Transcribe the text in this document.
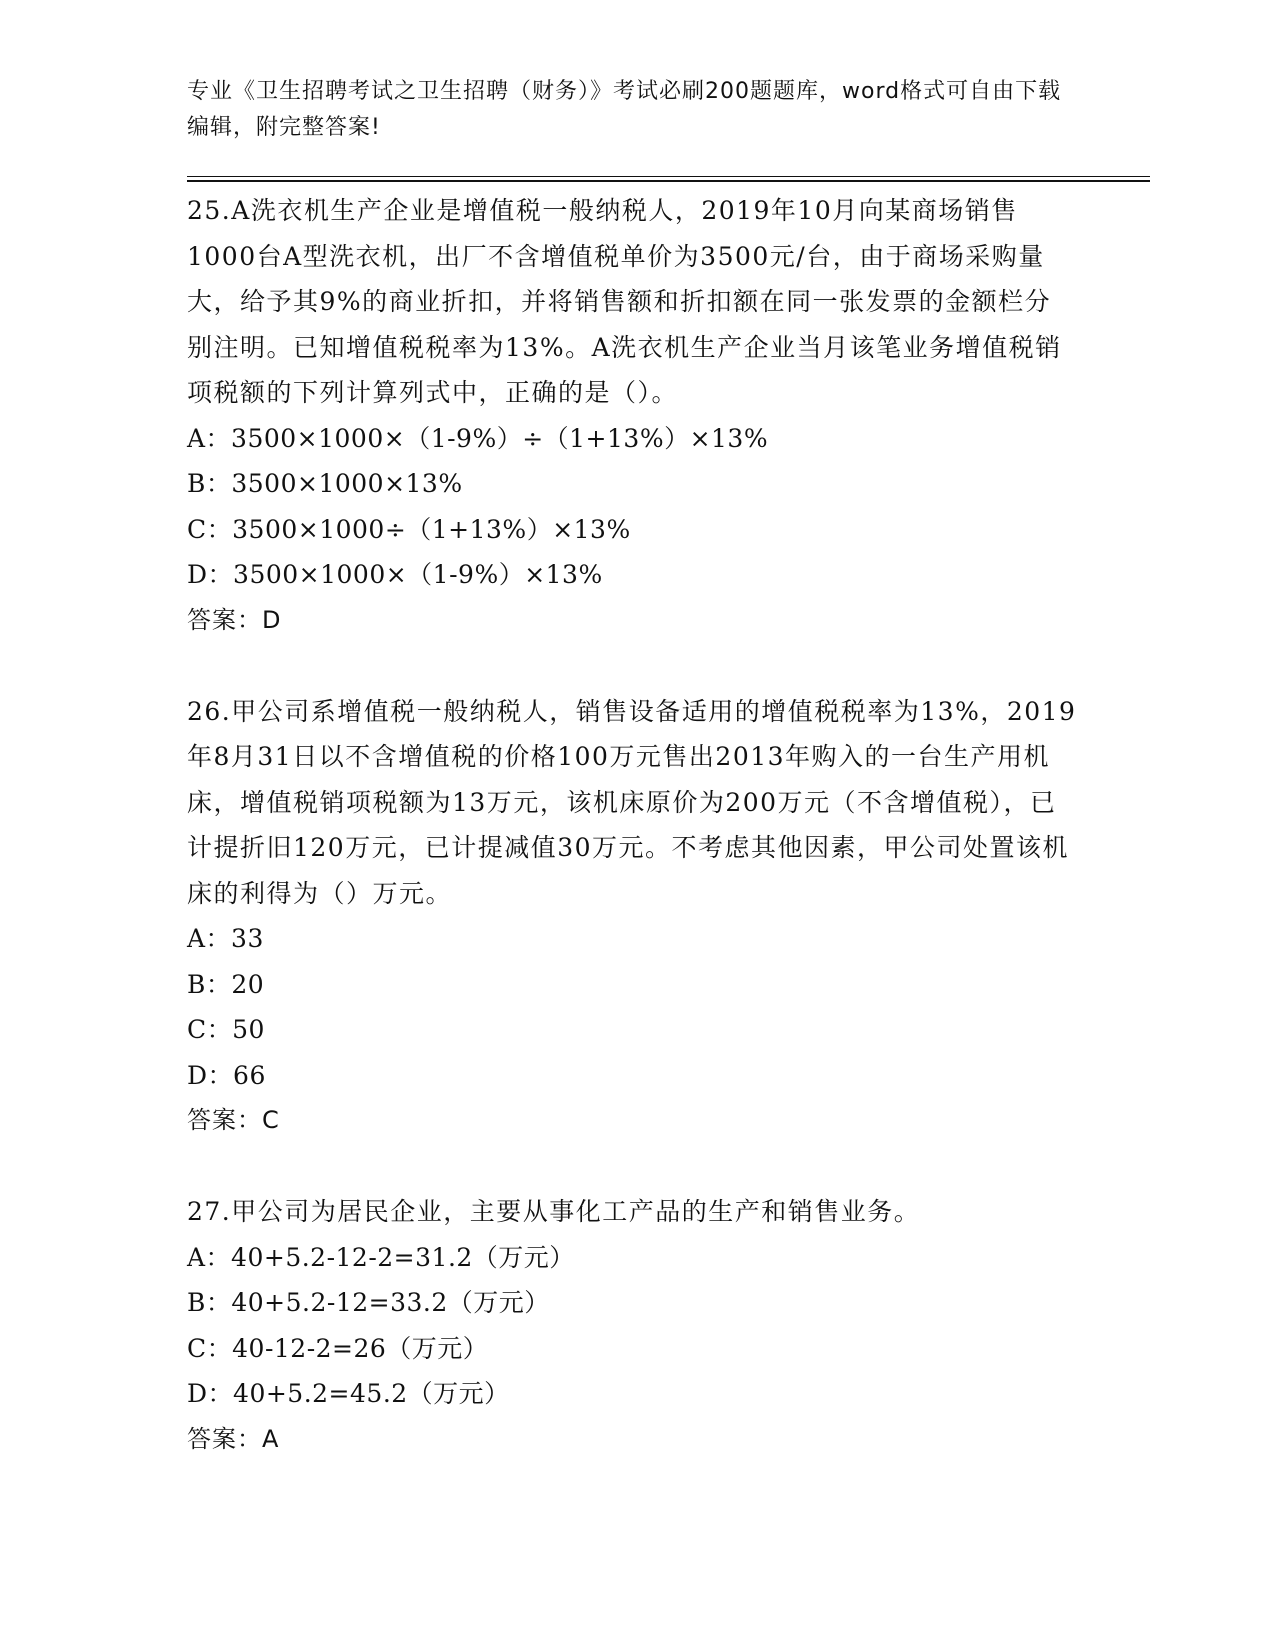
专业《卫生招聘考试之卫生招聘（财务）》考试必刷200题题库，word格式可自由下载编辑，附完整答案!

25.A洗衣机生产企业是增值税一般纳税人，2019年10月向某商场销售1000台A型洗衣机，出厂不含增值税单价为3500元/台，由于商场采购量大，给予其9%的商业折扣，并将销售额和折扣额在同一张发票的金额栏分别注明。已知增值税税率为13%。A洗衣机生产企业当月该笔业务增值税销项税额的下列计算列式中，正确的是（）。

A：3500×1000×（1-9%）÷（1+13%）×13%

B：3500×1000×13%

C：3500×1000÷（1+13%）×13%

D：3500×1000×（1-9%）×13%

答案：D

26.甲公司系增值税一般纳税人，销售设备适用的增值税税率为13%，2019年8月31日以不含增值税的价格100万元售出2013年购入的一台生产用机床，增值税销项税额为13万元，该机床原价为200万元（不含增值税），已计提折旧120万元，已计提减值30万元。不考虑其他因素，甲公司处置该机床的利得为（）万元。

A：33

B：20

C：50

D：66

答案：C

27.甲公司为居民企业，主要从事化工产品的生产和销售业务。

A：40+5.2-12-2=31.2（万元）

B：40+5.2-12=33.2（万元）

C：40-12-2=26（万元）

D：40+5.2=45.2（万元）

答案：A
